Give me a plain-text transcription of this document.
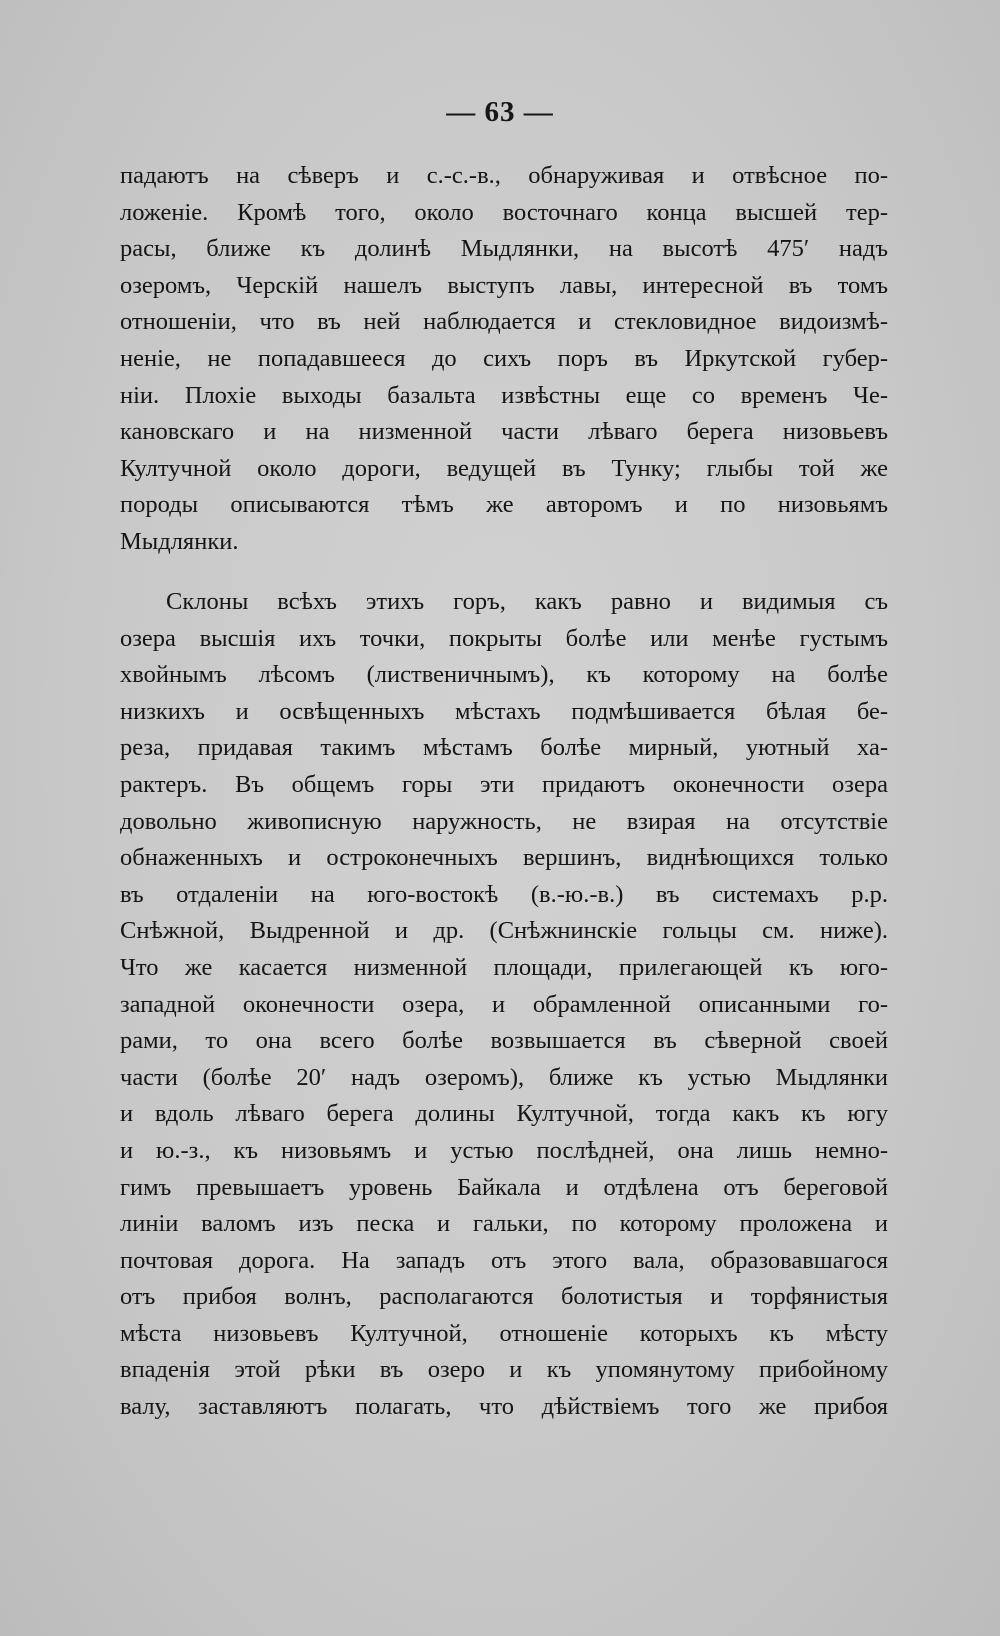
— 63 —
падаютъ на сѣверъ и с.-с.-в., обнаруживая и отвѣсное по-
ложеніе. Кромѣ того, около восточнаго конца высшей тер-
расы, ближе къ долинѣ Мыдлянки, на высотѣ 475′ надъ
озеромъ, Черскій нашелъ выступъ лавы, интересной въ томъ
отношеніи, что въ ней наблюдается и стекловидное видоизмѣ-
неніе, не попадавшееся до сихъ поръ въ Иркутской губер-
ніи. Плохіе выходы базальта извѣстны еще со временъ Че-
кановскаго и на низменной части лѣваго берега низовьевъ
Култучной около дороги, ведущей въ Тунку; глыбы той же
породы описываются тѣмъ же авторомъ и по низовьямъ
Мыдлянки.
Склоны всѣхъ этихъ горъ, какъ равно и видимыя съ
озера высшія ихъ точки, покрыты болѣе или менѣе густымъ
хвойнымъ лѣсомъ (лиственичнымъ), къ которому на болѣе
низкихъ и освѣщенныхъ мѣстахъ подмѣшивается бѣлая бе-
реза, придавая такимъ мѣстамъ болѣе мирный, уютный ха-
рактеръ. Въ общемъ горы эти придаютъ оконечности озера
довольно живописную наружность, не взирая на отсутствіе
обнаженныхъ и остроконечныхъ вершинъ, виднѣющихся только
въ отдаленіи на юго-востокѣ (в.-ю.-в.) въ системахъ р.р.
Снѣжной, Выдренной и др. (Снѣжнинскіе гольцы см. ниже).
Что же касается низменной площади, прилегающей къ юго-
западной оконечности озера, и обрамленной описанными го-
рами, то она всего болѣе возвышается въ сѣверной своей
части (болѣе 20′ надъ озеромъ), ближе къ устью Мыдлянки
и вдоль лѣваго берега долины Култучной, тогда какъ къ югу
и ю.-з., къ низовьямъ и устью послѣдней, она лишь немно-
гимъ превышаетъ уровень Байкала и отдѣлена отъ береговой
линіи валомъ изъ песка и гальки, по которому проложена и
почтовая дорога. На западъ отъ этого вала, образовавшагося
отъ прибоя волнъ, располагаются болотистыя и торфянистыя
мѣста низовьевъ Култучной, отношеніе которыхъ къ мѣсту
впаденія этой рѣки въ озеро и къ упомянутому прибойному
валу, заставляютъ полагать, что дѣйствіемъ того же прибоя
